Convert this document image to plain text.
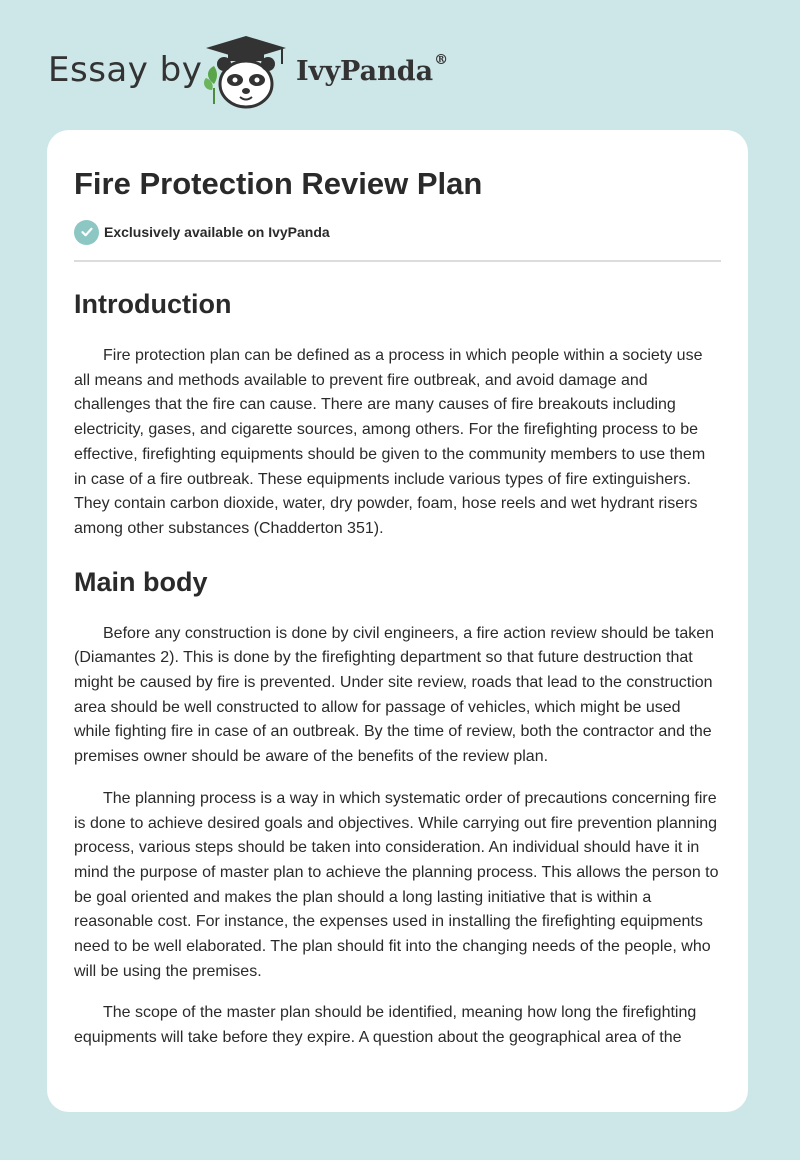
Essay by	IvyPanda®
Fire Protection Review Plan
Exclusively available on IvyPanda
Introduction

Fire protection plan can be defined as a process in which people within a society use all means and methods available to prevent fire outbreak, and avoid damage and challenges that the fire can cause. There are many causes of fire breakouts including electricity, gases, and cigarette sources, among others. For the firefighting process to be effective, firefighting equipments should be given to the community members to use them in case of a fire outbreak. These equipments include various types of fire extinguishers. They contain carbon dioxide, water, dry powder, foam, hose reels and wet hydrant risers among other substances (Chadderton 351).

Main body

Before any construction is done by civil engineers, a fire action review should be taken (Diamantes 2). This is done by the firefighting department so that future destruction that might be caused by fire is prevented. Under site review, roads that lead to the construction area should be well constructed to allow for passage of vehicles, which might be used while fighting fire in case of an outbreak. By the time of review, both the contractor and the premises owner should be aware of the benefits of the review plan.

The planning process is a way in which systematic order of precautions concerning fire is done to achieve desired goals and objectives. While carrying out fire prevention planning process, various steps should be taken into consideration. An individual should have it in mind the purpose of master plan to achieve the planning process. This allows the person to be goal oriented and makes the plan should a long lasting initiative that is within a reasonable cost. For instance, the expenses used in installing the firefighting equipments need to be well elaborated. The plan should fit into the changing needs of the people, who will be using the premises.

The scope of the master plan should be identified, meaning how long the firefighting equipments will take before they expire. A question about the geographical area of the
